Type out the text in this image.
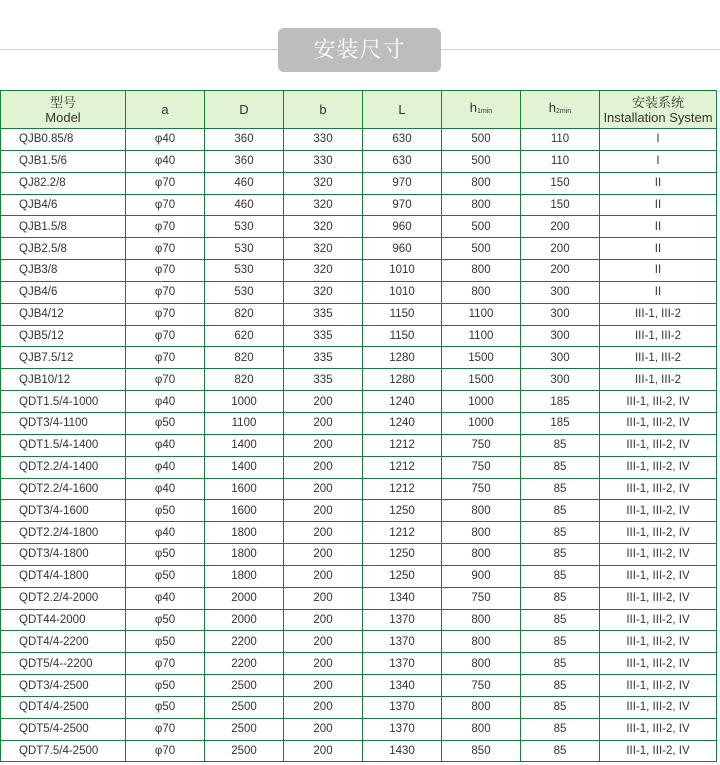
安装尺寸
型号
Model	a	D	b	L	h1min	h2min	安装系统
Installation System
QJB0.85/8	φ40	360	330	630	500	110	I
QJB1.5/6	φ40	360	330	630	500	110	I
QJ82.2/8	φ70	460	320	970	800	150	II
QJB4/6	φ70	460	320	970	800	150	II
QJB1.5/8	φ70	530	320	960	500	200	II
QJB2.5/8	φ70	530	320	960	500	200	II
QJB3/8	φ70	530	320	1010	800	200	II
QJB4/6	φ70	530	320	1010	800	300	II
QJB4/12	φ70	820	335	1150	1100	300	III-1, III-2
QJB5/12	φ70	620	335	1150	1100	300	III-1, III-2
QJB7.5/12	φ70	820	335	1280	1500	300	III-1, III-2
QJB10/12	φ70	820	335	1280	1500	300	III-1, III-2
QDT1.5/4-1000	φ40	1000	200	1240	1000	185	III-1, III-2, IV
QDT3/4-1100	φ50	1100	200	1240	1000	185	III-1, III-2, IV
QDT1.5/4-1400	φ40	1400	200	1212	750	85	III-1, III-2, IV
QDT2.2/4-1400	φ40	1400	200	1212	750	85	III-1, III-2, IV
QDT2.2/4-1600	φ40	1600	200	1212	750	85	III-1, III-2, IV
QDT3/4-1600	φ50	1600	200	1250	800	85	III-1, III-2, IV
QDT2.2/4-1800	φ40	1800	200	1212	800	85	III-1, III-2, IV
QDT3/4-1800	φ50	1800	200	1250	800	85	III-1, III-2, IV
QDT4/4-1800	φ50	1800	200	1250	900	85	III-1, III-2, IV
QDT2.2/4-2000	φ40	2000	200	1340	750	85	III-1, III-2, IV
QDT44-2000	φ50	2000	200	1370	800	85	III-1, III-2, IV
QDT4/4-2200	φ50	2200	200	1370	800	85	III-1, III-2, IV
QDT5/4--2200	φ70	2200	200	1370	800	85	III-1, III-2, IV
QDT3/4-2500	φ50	2500	200	1340	750	85	III-1, III-2, IV
QDT4/4-2500	φ50	2500	200	1370	800	85	III-1, III-2, IV
QDT5/4-2500	φ70	2500	200	1370	800	85	III-1, III-2, IV
QDT7.5/4-2500	φ70	2500	200	1430	850	85	III-1, III-2, IV
